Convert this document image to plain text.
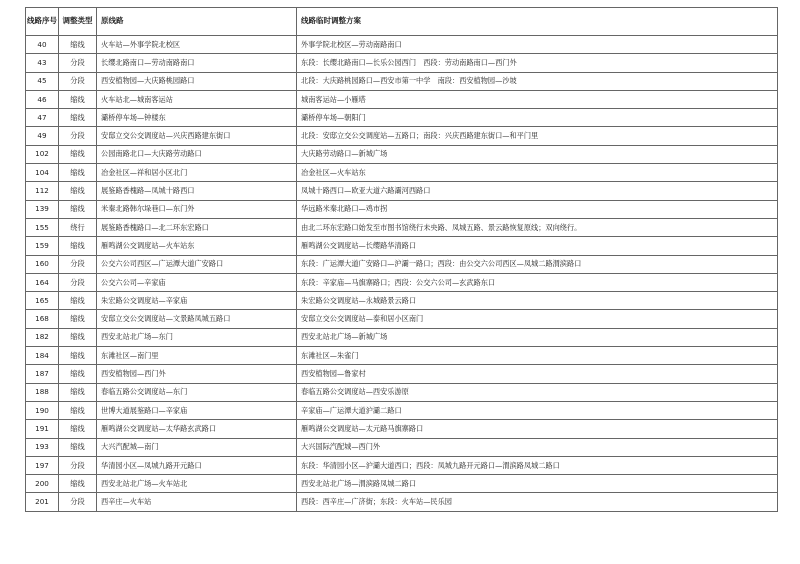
线路序号	调整类型	原线路	线路临时调整方案
40	缩线	火车站—外事学院北校区	外事学院北校区—劳动南路南口
43	分段	长缨北路南口—劳动南路南口	东段：长缨北路南口—长乐公园西门　西段：劳动南路南口—西门外
45	分段	西安植物园—大庆路桃园路口	北段：大庆路桃园路口—西安市第一中学　南段：西安植物园—沙坡
46	缩线	火车站北—城南客运站	城南客运站—小雁塔
47	缩线	灞桥停车场—钟楼东	灞桥停车场—朝阳门
49	分段	安邸立交公交调度站—兴庆西路建东街口	北段：安邸立交公交调度站—五路口；南段：兴庆西路建东街口—和平门里
102	缩线	公园南路北口—大庆路劳动路口	大庆路劳动路口—新城广场
104	缩线	冶金社区—祥和居小区北门	冶金社区—火车站东
112	缩线	展鉴路香槐路—凤城十路西口	凤城十路西口—欧亚大道六路灞河西路口
139	缩线	米秦北路韩尔垛巷口—东门外	华远路米秦北路口—鸡市拐
155	绕行	展鉴路香槐路口—北二环东宏路口	由北二环东宏路口始发至市图书馆绕行未央路、凤城五路、景云路恢复原线；双向绕行。
159	缩线	雁鸣湖公交调度站—火车站东	雁鸣湖公交调度站—长缨路华清路口
160	分段	公交六公司西区—广运潭大道广安路口	东段：广运潭大道广安路口—沪灞一路口；西段：由公交六公司西区—凤城二路渭滨路口
164	分段	公交六公司—辛家庙	东段：辛家庙—马旗寨路口；西段：公交六公司—玄武路东口
165	缩线	朱宏路公交调度站—辛家庙	朱宏路公交调度站—永城路景云路口
168	缩线	安邸立交公交调度站—文景路凤城五路口	安邸立交公交调度站—泰和居小区南门
182	缩线	西安北站北广场—东门	西安北站北广场—新城广场
184	缩线	东滩社区—南门里	东滩社区—朱雀门
187	缩线	西安植物园—西门外	西安植物园—鲁家村
188	缩线	春临五路公交调度站—东门	春临五路公交调度站—西安乐游原
190	缩线	世博大道展鉴路口—辛家庙	辛家庙—广运潭大道沪灞二路口
191	缩线	雁鸣湖公交调度站—太华路玄武路口	雁鸣湖公交调度站—太元路马旗寨路口
193	缩线	大兴汽配城—南门	大兴国际汽配城—西门外
197	分段	华清园小区—凤城九路开元路口	东段：华清园小区—沪灞大道西口；西段：凤城九路开元路口—渭滨路凤城二路口
200	缩线	西安北站北广场—火车站北	西安北站北广场—渭滨路凤城二路口
201	分段	西辛庄—火车站	西段：西辛庄—广济街；东段：火车站—民乐园
